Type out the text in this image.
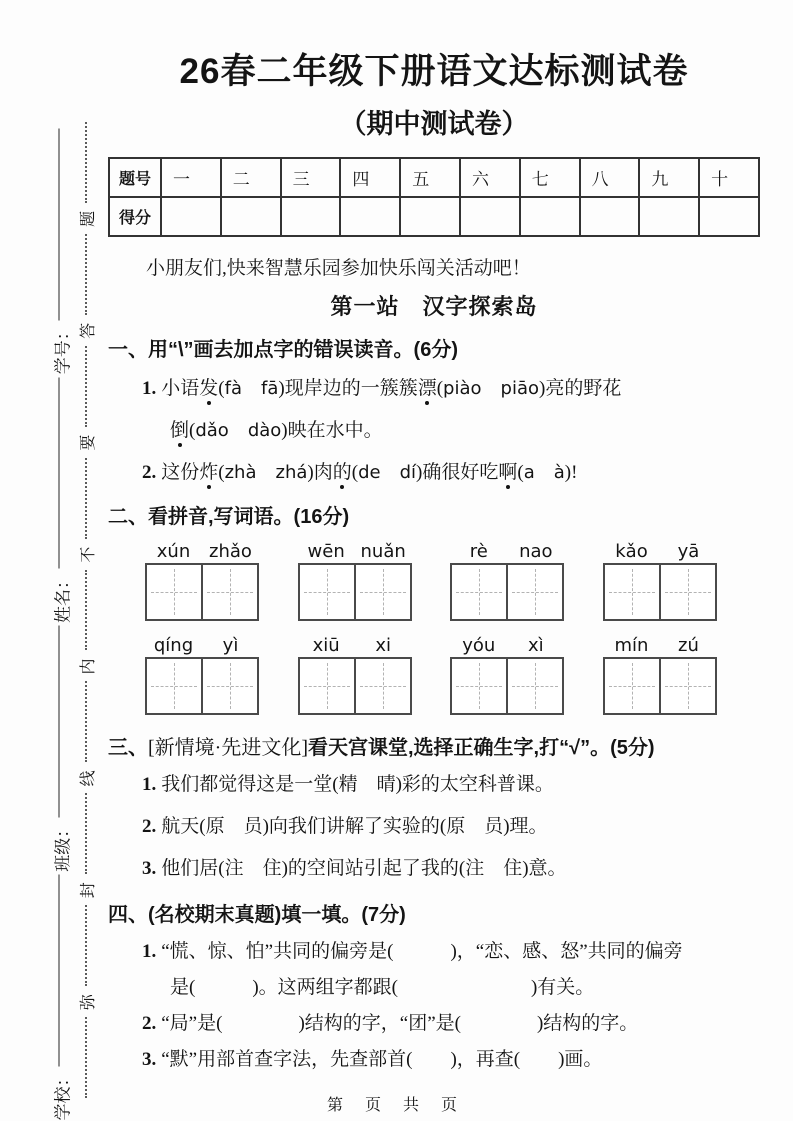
学校：
班级：
姓名：
学号：
弥
封
线
内
不
要
答
题
26春二年级下册语文达标测试卷
（期中测试卷）
题号	一	二	三	四	五	六	七	八	九	十
得分										
小朋友们,快来智慧乐园参加快乐闯关活动吧！
第一站　汉字探索岛
一、用“\”画去加点字的错误读音。(6分)
1. 小语发(fà　 fā)现岸边的一簇簇漂(piào　 piāo)亮的野花
倒(dǎo　 dào)映在水中。
2. 这份炸(zhà　 zhá)肉的(de　 dí)确很好吃啊(a　 à)!
二、看拼音,写词语。(16分)
xún	zhǎo	wēn nuǎn	rè	nao	kǎo	yā
qíng	yì	xiū	xi	yóu	xì	mín	zú
三、[新情境·先进文化]看天宫课堂,选择正确生字,打“√”。(5分)
1. 我们都觉得这是一堂(精　晴)彩的太空科普课。
2. 航天(原　员)向我们讲解了实验的(原　员)理。
3. 他们居(注　住)的空间站引起了我的(注　住)意。
四、(名校期末真题)填一填。(7分)
1. “慌、惊、怕”共同的偏旁是(　　　)，“恋、感、怒”共同的偏旁
是(　　　)。这两组字都跟(　　　　　　　)有关。
2. “局”是(　　　　)结构的字，“团”是(　　　　)结构的字。
3. “默”用部首查字法，先查部首(　　)，再查(　　)画。
第 页 共 页
